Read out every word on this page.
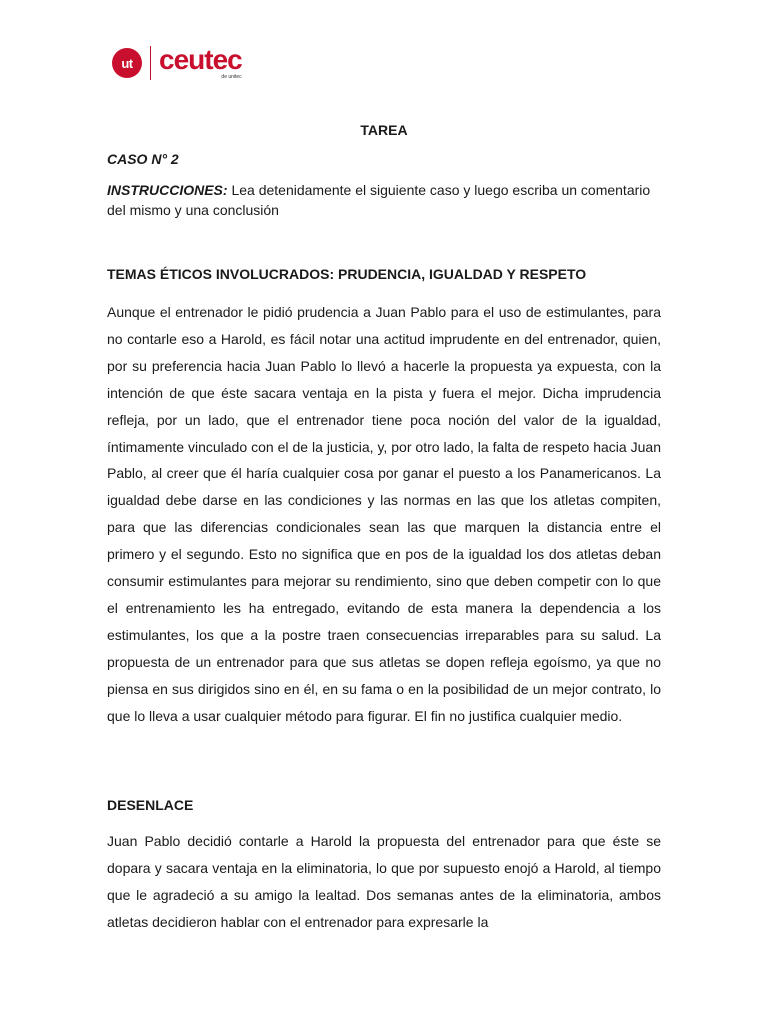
ut ceutec
de unitec
TAREA
CASO N° 2
INSTRUCCIONES: Lea detenidamente el siguiente caso y luego escriba un comentario del mismo y una conclusión
TEMAS ÉTICOS INVOLUCRADOS: PRUDENCIA, IGUALDAD Y RESPETO
Aunque el entrenador le pidió prudencia a Juan Pablo para el uso de estimulantes, para no contarle eso a Harold, es fácil notar una actitud imprudente en del entrenador, quien, por su preferencia hacia Juan Pablo lo llevó a hacerle la propuesta ya expuesta, con la intención de que éste sacara ventaja en la pista y fuera el mejor. Dicha imprudencia refleja, por un lado, que el entrenador tiene poca noción del valor de la igualdad, íntimamente vinculado con el de la justicia, y, por otro lado, la falta de respeto hacia Juan Pablo, al creer que él haría cualquier cosa por ganar el puesto a los Panamericanos. La igualdad debe darse en las condiciones y las normas en las que los atletas compiten, para que las diferencias condicionales sean las que marquen la distancia entre el primero y el segundo. Esto no significa que en pos de la igualdad los dos atletas deban consumir estimulantes para mejorar su rendimiento, sino que deben competir con lo que el entrenamiento les ha entregado, evitando de esta manera la dependencia a los estimulantes, los que a la postre traen consecuencias irreparables para su salud. La propuesta de un entrenador para que sus atletas se dopen refleja egoísmo, ya que no piensa en sus dirigidos sino en él, en su fama o en la posibilidad de un mejor contrato, lo que lo lleva a usar cualquier método para figurar. El fin no justifica cualquier medio.
DESENLACE
Juan Pablo decidió contarle a Harold la propuesta del entrenador para que éste se dopara y sacara ventaja en la eliminatoria, lo que por supuesto enojó a Harold, al tiempo que le agradeció a su amigo la lealtad. Dos semanas antes de la eliminatoria, ambos atletas decidieron hablar con el entrenador para expresarle la
